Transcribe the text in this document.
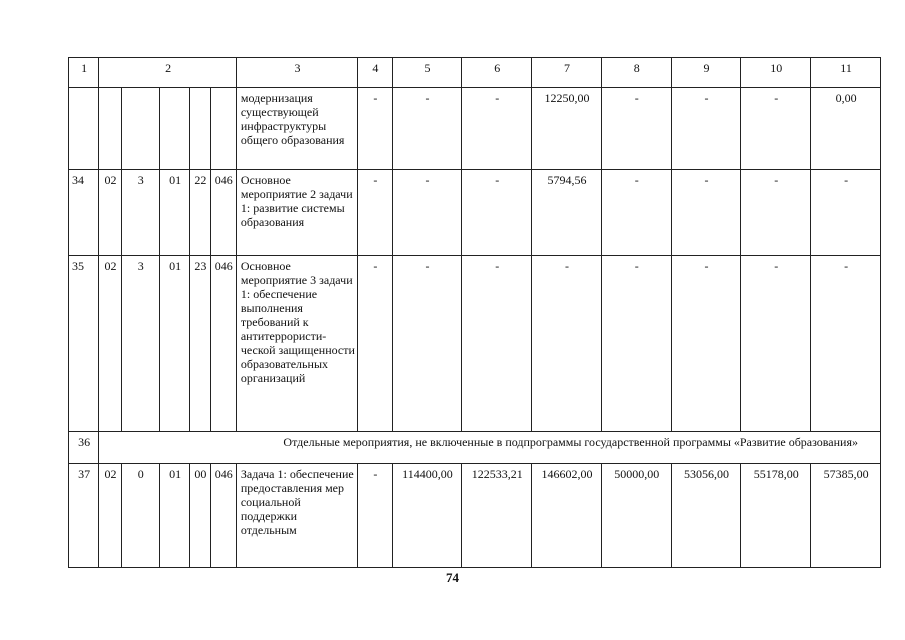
1	2					3	4	5	6	7	8	9	10	11
						модернизация существующей инфраструктуры общего образования	-	-	-	12250,00	-	-	-	0,00
34	02	3	01	22	046	Основное мероприятие 2 задачи 1: развитие системы образования	-	-	-	5794,56	-	-	-	-
35	02	3	01	23	046	Основное мероприятие 3 задачи 1: обеспечение выполнения требований к антитеррористи-ческой защищенности образовательных организаций	-	-	-	-	-	-	-	-
36	Отдельные мероприятия, не включенные в подпрограммы государственной программы «Развитие образования»													
37	02	0	01	00	046	Задача 1: обеспечение предоставления мер социальной поддержки отдельным	-	114400,00	122533,21	146602,00	50000,00	53056,00	55178,00	57385,00
74
